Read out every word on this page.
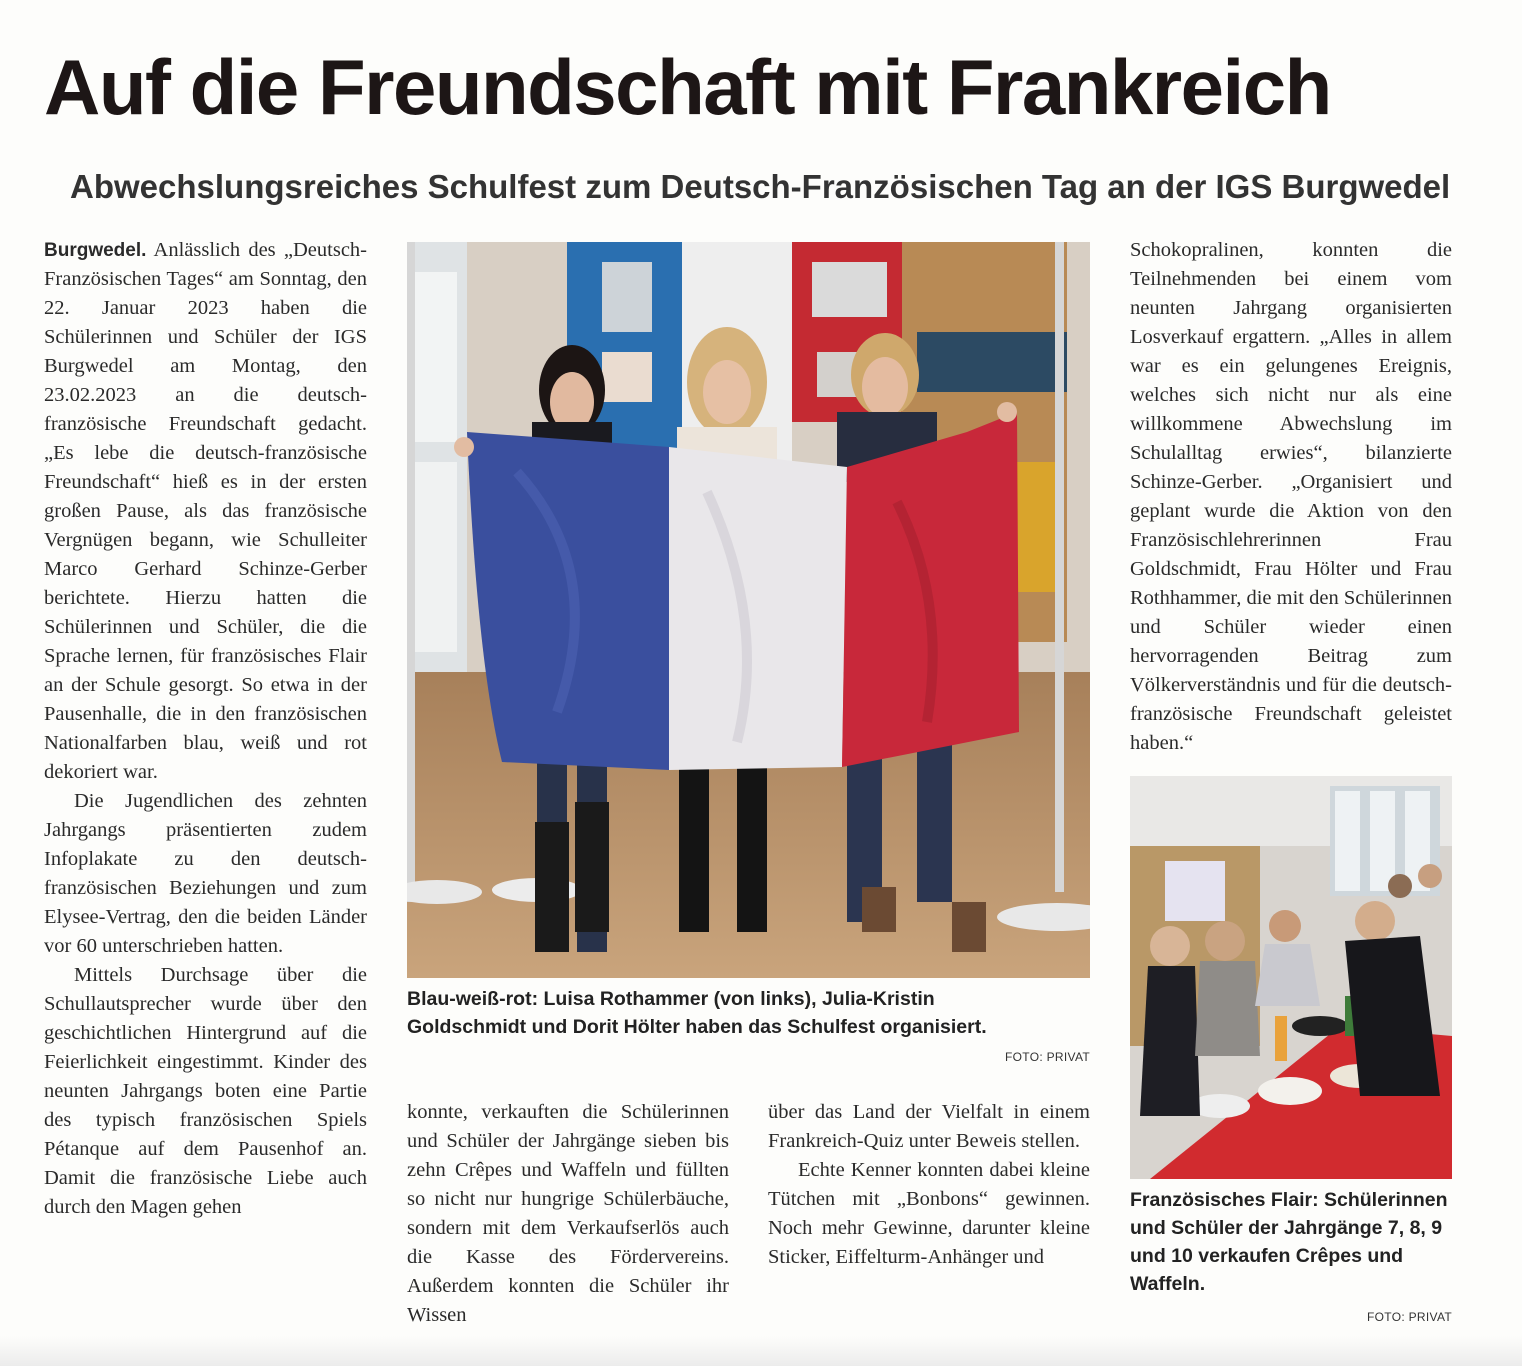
Auf die Freundschaft mit Frankreich
Abwechslungsreiches Schulfest zum Deutsch-Französischen Tag an der IGS Burgwedel

Burgwedel. Anlässlich des „Deutsch-Französischen Tages“ am Sonntag, den 22. Januar 2023 haben die Schülerinnen und Schüler der IGS Burgwedel am Montag, den 23.02.2023 an die deutsch-französische Freundschaft gedacht. „Es lebe die deutsch-französische Freundschaft“ hieß es in der ersten großen Pause, als das französische Vergnügen begann, wie Schulleiter Marco Gerhard Schinze-Gerber berichtete. Hierzu hatten die Schülerinnen und Schüler, die die Sprache lernen, für französisches Flair an der Schule gesorgt. So etwa in der Pausenhalle, die in den französischen Nationalfarben blau, weiß und rot dekoriert war.

Die Jugendlichen des zehnten Jahrgangs präsentierten zudem Infoplakate zu den deutsch-französischen Beziehungen und zum Elysee-Vertrag, den die beiden Länder vor 60 unterschrieben hatten.

Mittels Durchsage über die Schullautsprecher wurde über den geschichtlichen Hintergrund auf die Feierlichkeit eingestimmt. Kinder des neunten Jahrgangs boten eine Partie des typisch französischen Spiels Pétanque auf dem Pausenhof an. Damit die französische Liebe auch durch den Magen gehen

Blau-weiß-rot: Luisa Rothammer (von links), Julia-Kristin Goldschmidt und Dorit Hölter haben das Schulfest organisiert.
FOTO: PRIVAT

konnte, verkauften die Schülerinnen und Schüler der Jahrgänge sieben bis zehn Crêpes und Waffeln und füllten so nicht nur hungrige Schülerbäuche, sondern mit dem Verkaufserlös auch die Kasse des Fördervereins. Außerdem konnten die Schüler ihr Wissen

über das Land der Vielfalt in einem Frankreich-Quiz unter Beweis stellen.

Echte Kenner konnten dabei kleine Tütchen mit „Bonbons“ gewinnen. Noch mehr Gewinne, darunter kleine Sticker, Eiffelturm-Anhänger und

Schokopralinen, konnten die Teilnehmenden bei einem vom neunten Jahrgang organisierten Losverkauf ergattern. „Alles in allem war es ein gelungenes Ereignis, welches sich nicht nur als eine willkommene Abwechslung im Schulalltag erwies“, bilanzierte Schinze-Gerber. „Organisiert und geplant wurde die Aktion von den Französischlehrerinnen Frau Goldschmidt, Frau Hölter und Frau Rothhammer, die mit den Schülerinnen und Schüler wieder einen hervorragenden Beitrag zum Völkerverständnis und für die deutsch-französische Freundschaft geleistet haben.“

Französisches Flair: Schülerinnen und Schüler der Jahrgänge 7, 8, 9 und 10 verkaufen Crêpes und Waffeln.
FOTO: PRIVAT
